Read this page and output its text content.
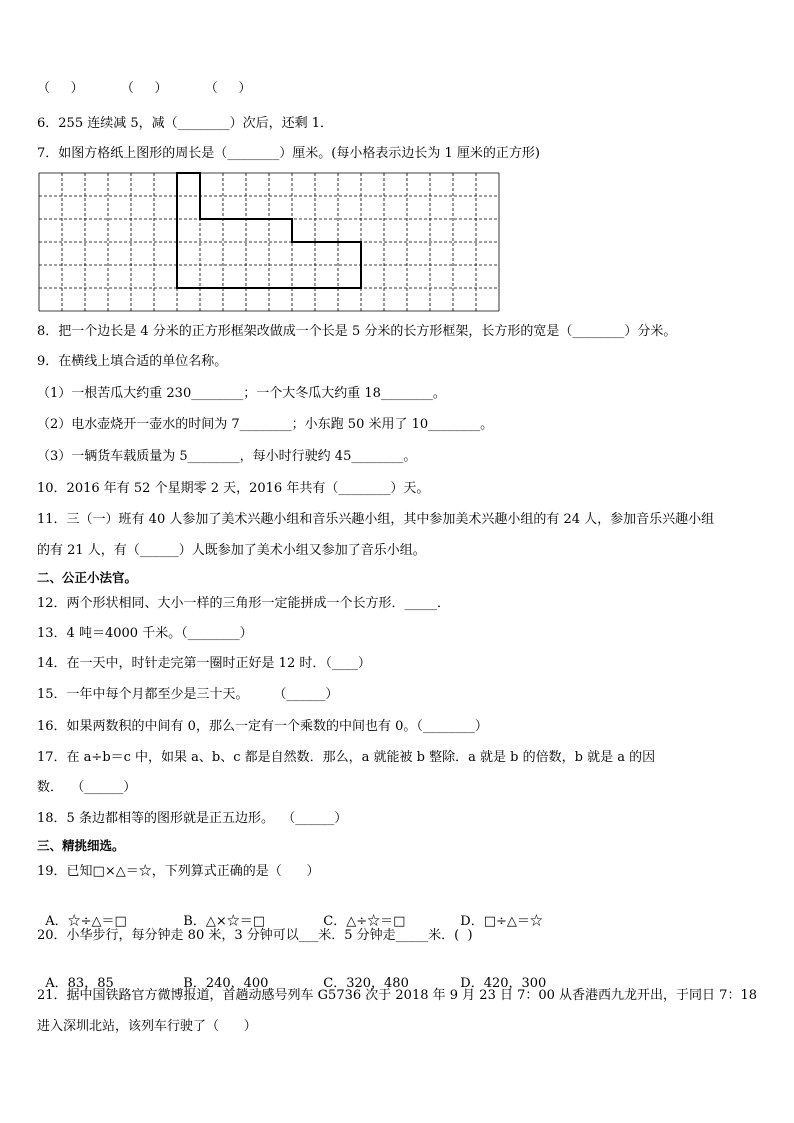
（     ）         （     ）         （     ）
6．255 连续减 5，减（________）次后，还剩 1．
7．如图方格纸上图形的周长是（________）厘米。(每小格表示边长为 1 厘米的正方形)
8．把一个边长是 4 分米的正方形框架改做成一个长是 5 分米的长方形框架，长方形的宽是（________）分米。
9．在横线上填合适的单位名称。
（1）一根苦瓜大约重 230________；一个大冬瓜大约重 18________。
（2）电水壶烧开一壶水的时间为 7________；小东跑 50 米用了 10________。
（3）一辆货车载质量为 5________，每小时行驶约 45________。
10．2016 年有 52 个星期零 2 天，2016 年共有（________）天。
11．三（一）班有 40 人参加了美术兴趣小组和音乐兴趣小组，其中参加美术兴趣小组的有 24 人，参加音乐兴趣小组
的有 21 人，有（______）人既参加了美术小组又参加了音乐小组。
二、公正小法官。
12．两个形状相同、大小一样的三角形一定能拼成一个长方形．_____．
13．4 吨＝4000 千米。（________）
14．在一天中，时针走完第一圈时正好是 12 时．（____）
15．一年中每个月都至少是三十天。      （______）
16．如果两数积的中间有 0，那么一定有一个乘数的中间也有 0。（________）
17．在 a÷b＝c 中，如果 a、b、c 都是自然数．那么，a 就能被 b 整除．a 就是 b 的倍数，b 就是 a 的因
数．  （______）
18．5 条边都相等的图形就是正五边形。  （______）
三、精挑细选。
19．已知□×△＝☆，下列算式正确的是（      ）

A．☆÷△＝□	B．△×☆＝□	C．△÷☆＝□	D．□÷△＝☆

20．小华步行，每分钟走 80 米，3 分钟可以___米．5 分钟走_____米．(  )

A．83，85	B．240，400	C．320，480	D．420，300

21．据中国铁路官方微博报道，首趟动感号列车 G5736 次于 2018 年 9 月 23 日 7：00 从香港西九龙开出，于同日 7：18
进入深圳北站，该列车行驶了（      ）
